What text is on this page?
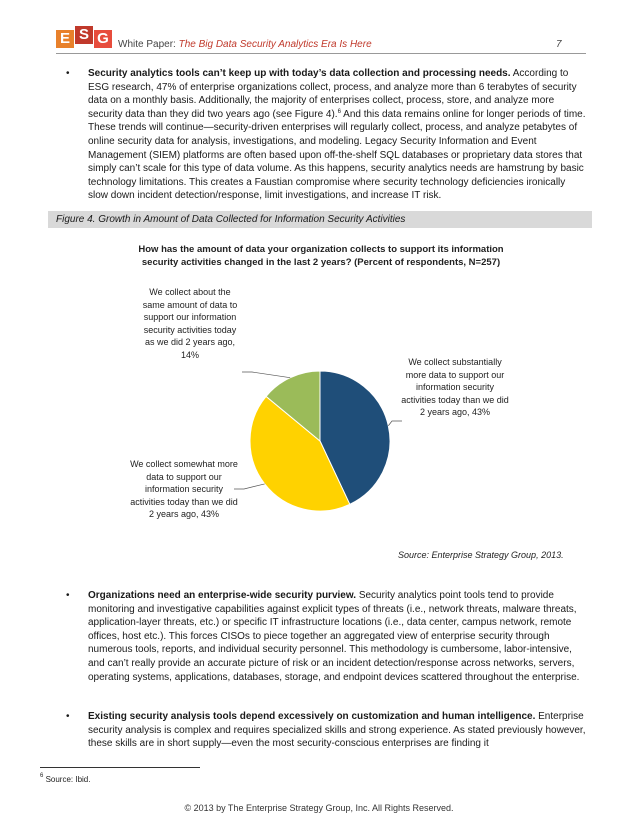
E S G White Paper: The Big Data Security Analytics Era Is Here	7
• Security analytics tools can’t keep up with today’s data collection and processing needs. According to ESG research, 47% of enterprise organizations collect, process, and analyze more than 6 terabytes of security data on a monthly basis. Additionally, the majority of enterprises collect, process, store, and analyze more security data than they did two years ago (see Figure 4).$^6$ And this data remains online for longer periods of time. These trends will continue—security-driven enterprises will regularly collect, process, and analyze petabytes of online security data for analysis, investigations, and modeling. Legacy Security Information and Event Management (SIEM) platforms are often based upon off-the-shelf SQL databases or proprietary data stores that simply can’t scale for this type of data volume. As this happens, security analytics needs are hamstrung by basic technology limitations. This creates a Faustian compromise where security technology deficiencies ironically slow down incident detection/response, limit investigations, and increase IT risk.
Figure 4. Growth in Amount of Data Collected for Information Security Activities
How has the amount of data your organization collects to support its information security activities changed in the last 2 years? (Percent of respondents, N=257)
We collect about the same amount of data to support our information security activities today as we did 2 years ago, 14%
We collect substantially more data to support our information security activities today than we did 2 years ago, 43%
We collect somewhat more data to support our information security activities today than we did 2 years ago, 43%
Source: Enterprise Strategy Group, 2013.
• Organizations need an enterprise-wide security purview. Security analytics point tools tend to provide monitoring and investigative capabilities against explicit types of threats (i.e., network threats, malware threats, application-layer threats, etc.) or specific IT infrastructure locations (i.e., data center, campus network, remote offices, host etc.). This forces CISOs to piece together an aggregated view of enterprise security through numerous tools, reports, and individual security personnel. This methodology is cumbersome, labor-intensive, and can’t really provide an accurate picture of risk or an incident detection/response across networks, servers, operating systems, applications, databases, storage, and endpoint devices scattered throughout the enterprise.
• Existing security analysis tools depend excessively on customization and human intelligence. Enterprise security analysis is complex and requires specialized skills and strong experience. As stated previously however, these skills are in short supply—even the most security-conscious enterprises are finding it
$^6$ Source: Ibid.
© 2013 by The Enterprise Strategy Group, Inc. All Rights Reserved.
